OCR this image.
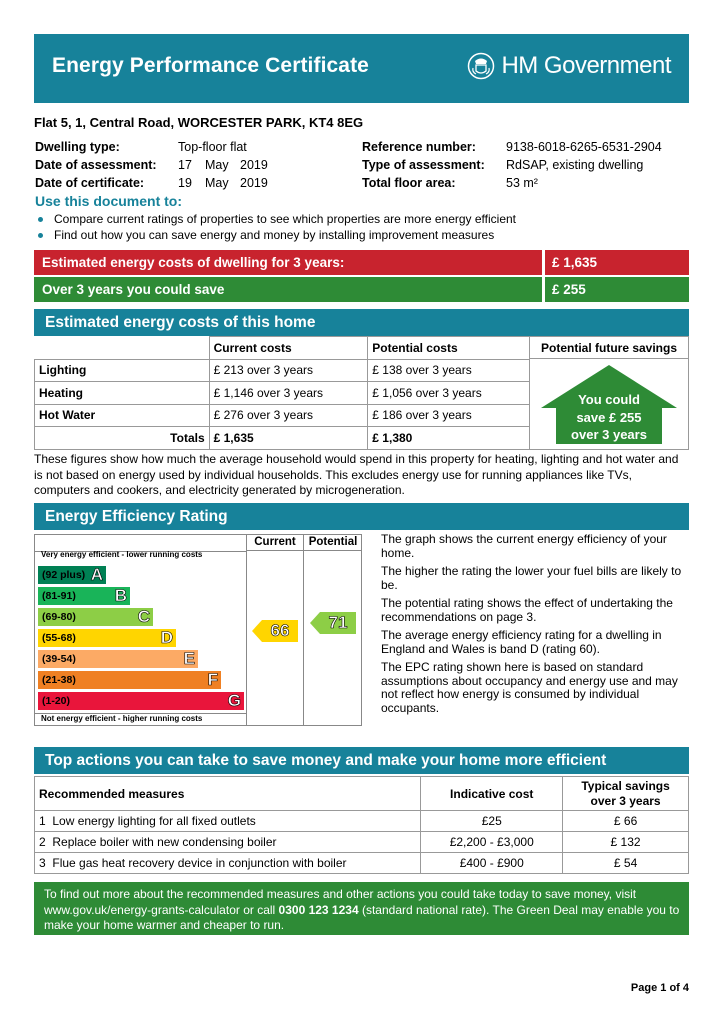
Energy Performance Certificate	HM Government
Flat 5, 1, Central Road, WORCESTER PARK, KT4 8EG
Dwelling type:	Top-floor flat
Date of assessment: 17 May 2019
Date of certificate:	19 May 2019
Reference number: 9138-6018-6265-6531-2904
Type of assessment: RdSAP, existing dwelling
Total floor area:	53 m²
Use this document to:
Compare current ratings of properties to see which properties are more energy efficient
Find out how you can save energy and money by installing improvement measures
Estimated energy costs of dwelling for 3 years:	£ 1,635
Over 3 years you could save	£ 255
Estimated energy costs of this home
	Current costs	Potential costs
Lighting	£ 213 over 3 years	£ 138 over 3 years
Heating	£ 1,146 over 3 years	£ 1,056 over 3 years
Hot Water	£ 276 over 3 years	£ 186 over 3 years
Totals	£ 1,635	£ 1,380
Potential future savings
You could
save £ 255
over 3 years
These figures show how much the average household would spend in this property for heating, lighting and hot water and is not based on energy used by individual households. This excludes energy use for running appliances like TVs, computers and cookers, and electricity generated by microgeneration.
Energy Efficiency Rating
Current	Potential
Very energy efficient - lower running costs
Not energy efficient - higher running costs
(92 plus) A
(81-91) B
(69-80)	C
(55-68)	D
(39-54)	E
(21-38)	F
(1-20)	G
66	71

The graph shows the current energy efficiency of your home.

The higher the rating the lower your fuel bills are likely to be.

The potential rating shows the effect of undertaking the recommendations on page 3.

The average energy efficiency rating for a dwelling in England and Wales is band D (rating 60).

The EPC rating shown here is based on standard assumptions about occupancy and energy use and may not reflect how energy is consumed by individual occupants.

Top actions you can take to save money and make your home more efficient
Recommended measures	Indicative cost	Typical savings
over 3 years

1 Low energy lighting for all fixed outlets	£25	£ 66
2 Replace boiler with new condensing boiler	£2,200 - £3,000	£ 132
3 Flue gas heat recovery device in conjunction with boiler	£400 - £900	£ 54
To find out more about the recommended measures and other actions you could take today to save money, visit www.gov.uk/energy-grants-calculator or call 0300 123 1234 (standard national rate). The Green Deal may enable you to make your home warmer and cheaper to run.
Page 1 of 4
